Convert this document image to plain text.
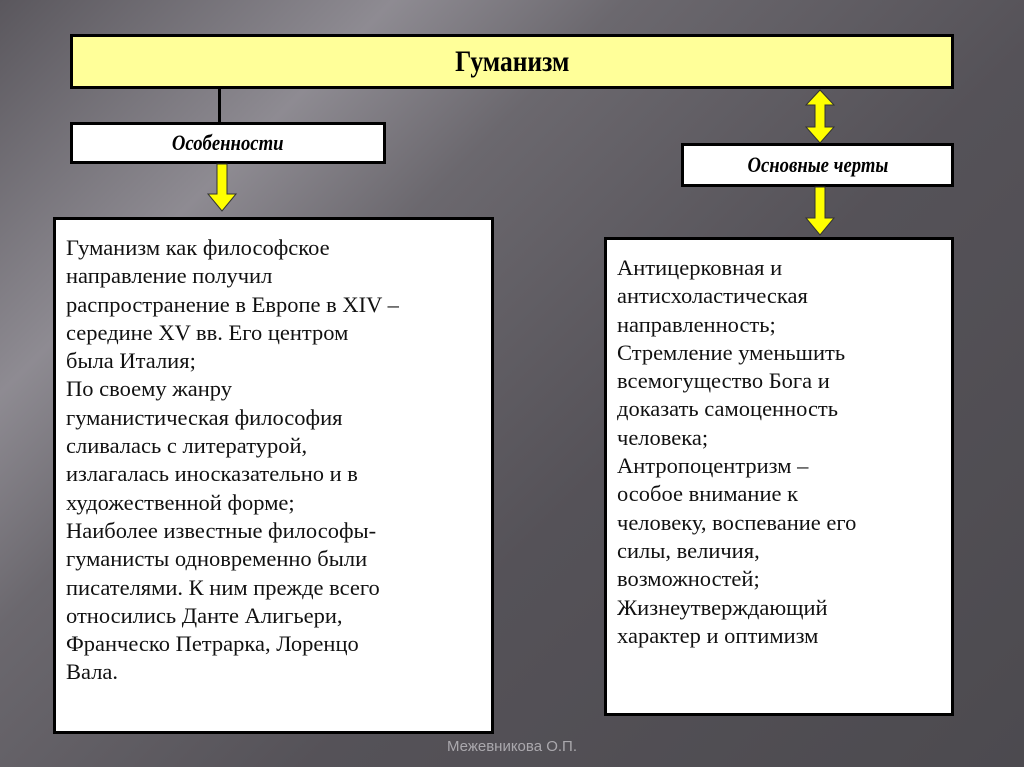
Гуманизм
Особенности
Основные черты
Гуманизм как философское
направление получил
распространение в Европе в XIV –
середине XV вв. Его центром
была Италия;
По своему жанру
гуманистическая философия
сливалась с литературой,
излагалась иносказательно и в
художественной форме;
Наиболее известные философы-
гуманисты одновременно были
писателями. К ним прежде всего
относились Данте Алигьери,
Франческо Петрарка, Лоренцо
Вала.
Антицерковная и
антисхоластическая
направленность;
Стремление уменьшить
всемогущество Бога и
доказать самоценность
человека;
Антропоцентризм –
особое внимание к
человеку, воспевание его
силы, величия,
возможностей;
Жизнеутверждающий
характер и оптимизм
Межевникова О.П.
